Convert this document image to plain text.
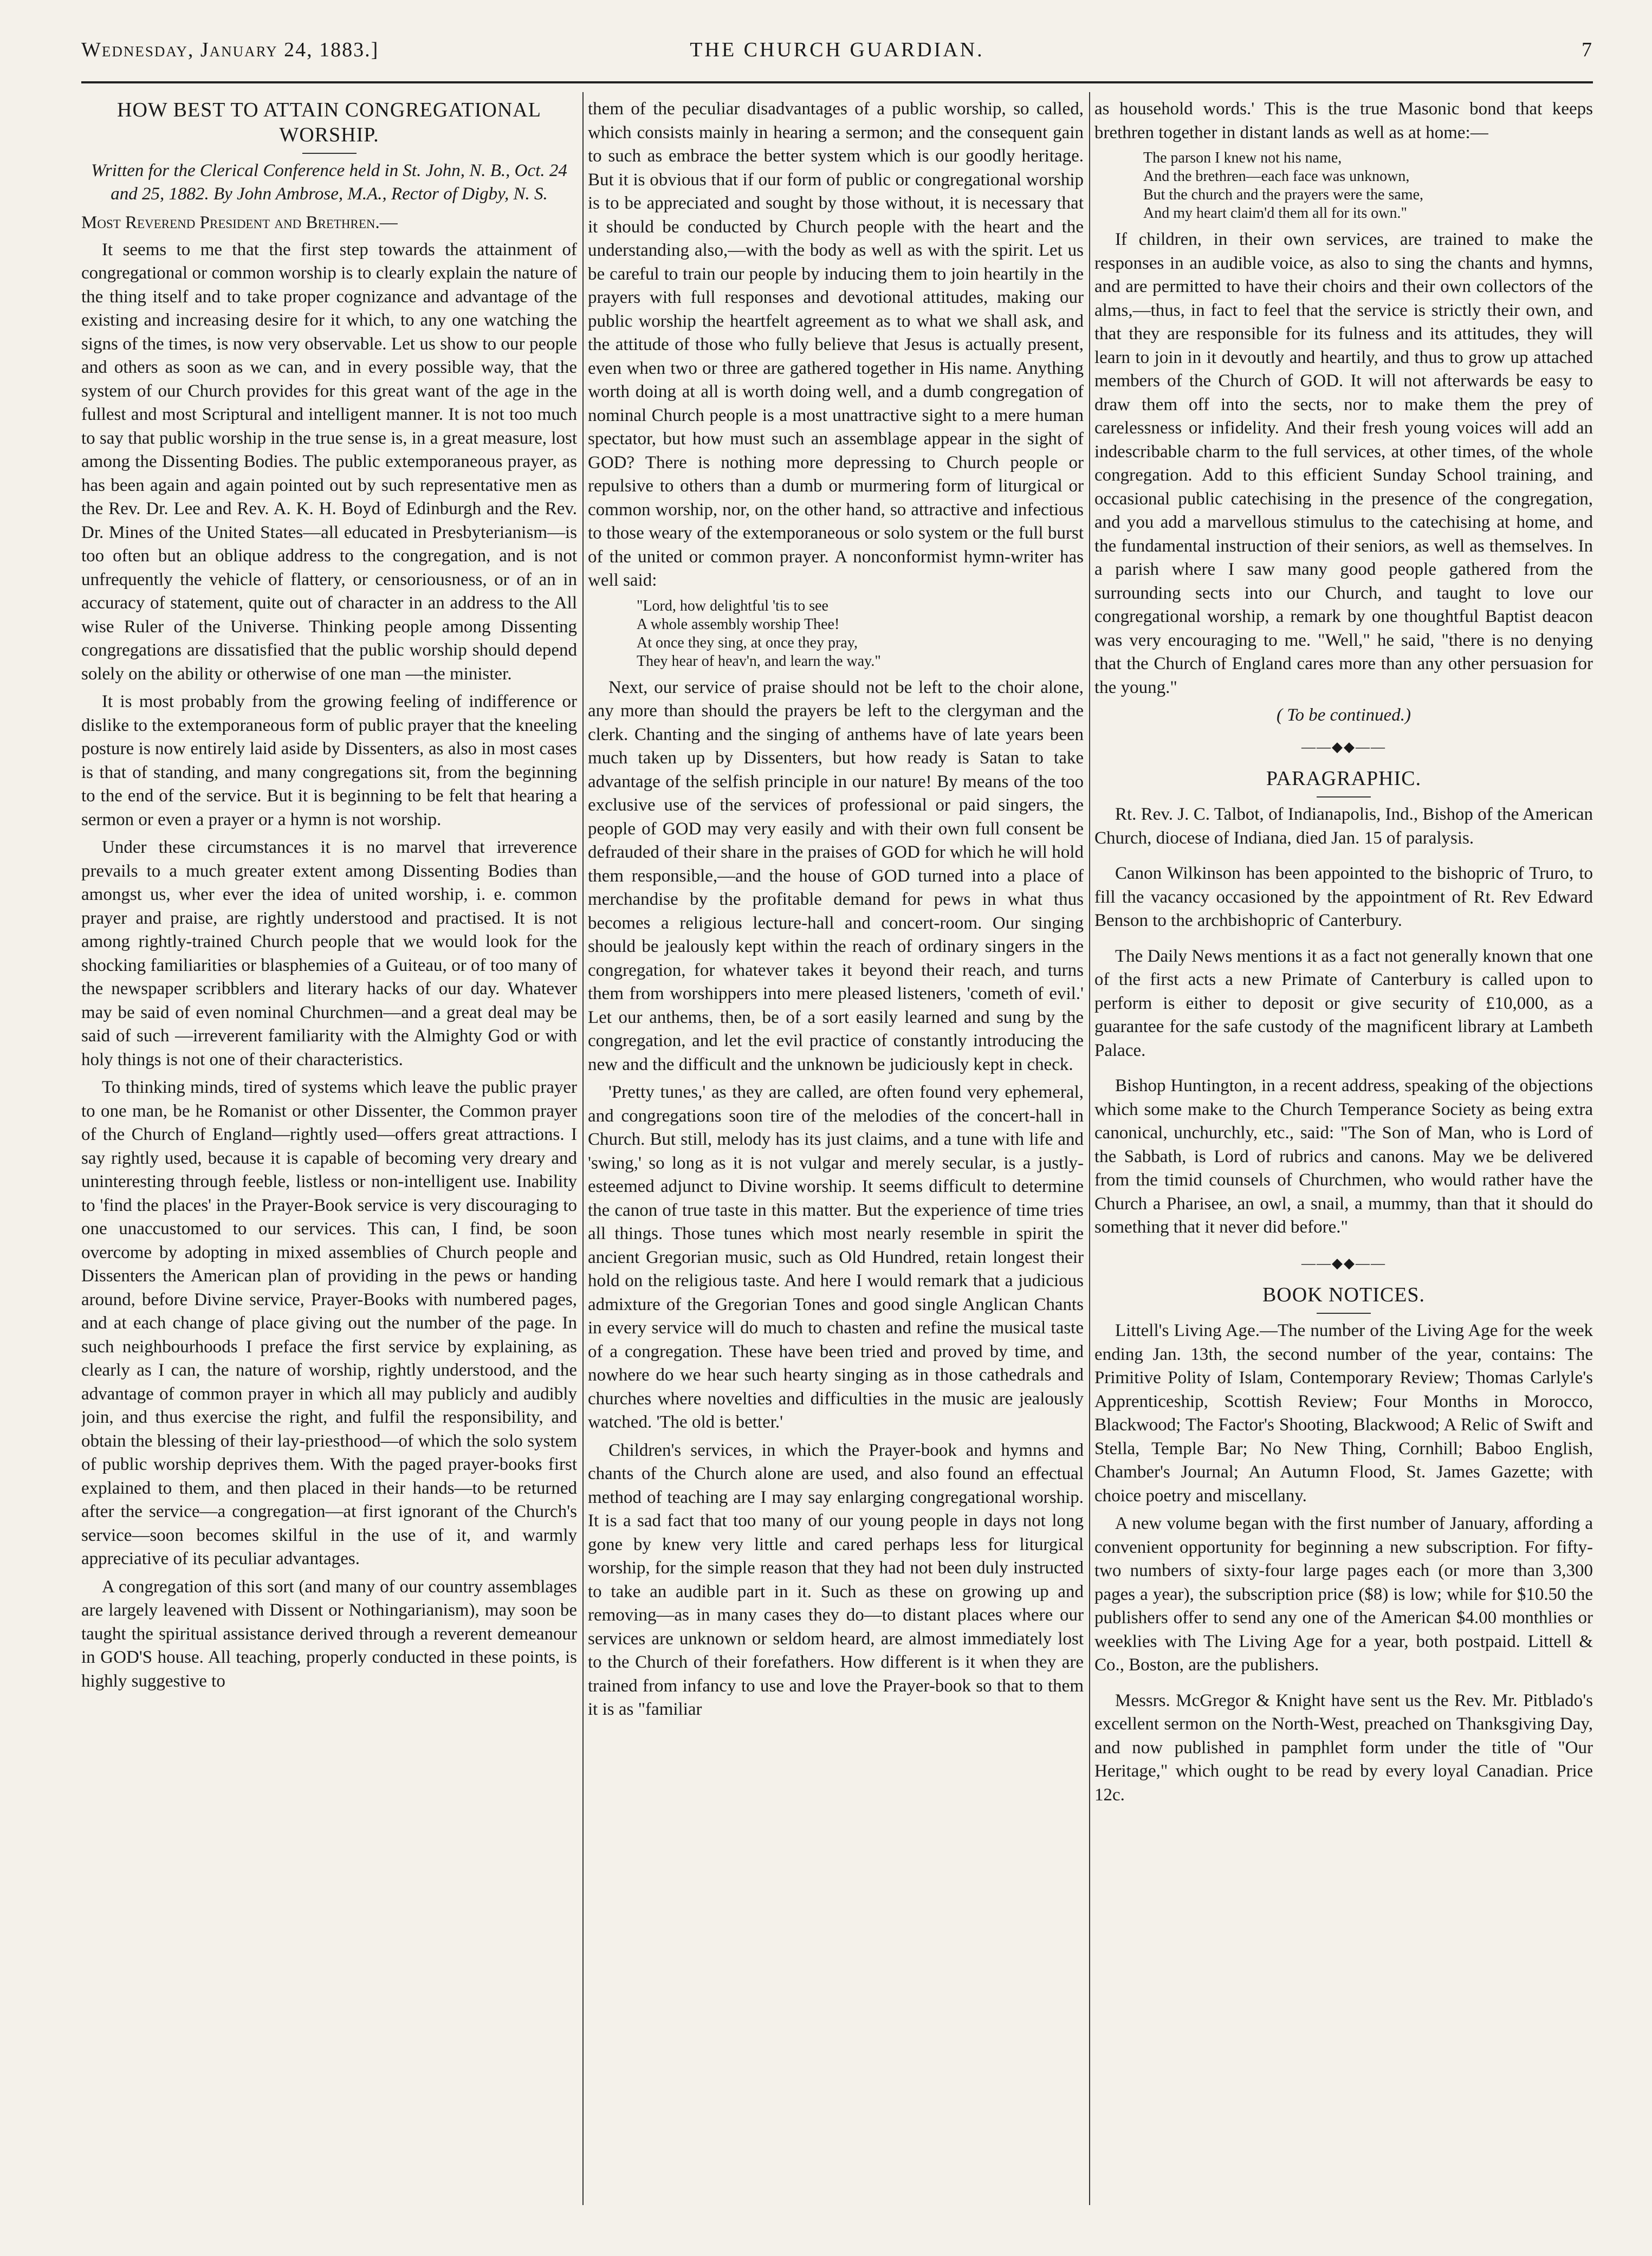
Wednesday, January 24, 1883.]	THE CHURCH GUARDIAN.	7
HOW BEST TO ATTAIN CONGREGATIONAL WORSHIP.
Written for the Clerical Conference held in St. John, N. B., Oct. 24 and 25, 1882. By John Ambrose, M.A., Rector of Digby, N. S.
Most Reverend President and Brethren.—

It seems to me that the first step towards the attainment of congregational or common worship is to clearly explain the nature of the thing itself and to take proper cognizance and advantage of the existing and increasing desire for it which, to any one watching the signs of the times, is now very observable. Let us show to our people and others as soon as we can, and in every possible way, that the system of our Church provides for this great want of the age in the fullest and most Scriptural and intelligent manner. It is not too much to say that public worship in the true sense is, in a great measure, lost among the Dissenting Bodies. The public extemporaneous prayer, as has been again and again pointed out by such representative men as the Rev. Dr. Lee and Rev. A. K. H. Boyd of Edinburgh and the Rev. Dr. Mines of the United States—all educated in Presbyterianism—is too often but an oblique address to the congregation, and is not unfrequently the vehicle of flattery, or censoriousness, or of an in accuracy of statement, quite out of character in an address to the All wise Ruler of the Universe. Thinking people among Dissenting congregations are dissatisfied that the public worship should depend solely on the ability or otherwise of one man —the minister.

It is most probably from the growing feeling of indifference or dislike to the extemporaneous form of public prayer that the kneeling posture is now entirely laid aside by Dissenters, as also in most cases is that of standing, and many congregations sit, from the beginning to the end of the service. But it is beginning to be felt that hearing a sermon or even a prayer or a hymn is not worship.

Under these circumstances it is no marvel that irreverence prevails to a much greater extent among Dissenting Bodies than amongst us, wher ever the idea of united worship, i. e. common prayer and praise, are rightly understood and practised. It is not among rightly-trained Church people that we would look for the shocking familiarities or blasphemies of a Guiteau, or of too many of the newspaper scribblers and literary hacks of our day. Whatever may be said of even nominal Churchmen—and a great deal may be said of such —irreverent familiarity with the Almighty God or with holy things is not one of their characteristics.

To thinking minds, tired of systems which leave the public prayer to one man, be he Romanist or other Dissenter, the Common prayer of the Church of England—rightly used—offers great attractions. I say rightly used, because it is capable of becoming very dreary and uninteresting through feeble, listless or non-intelligent use. Inability to 'find the places' in the Prayer-Book service is very discouraging to one unaccustomed to our services. This can, I find, be soon overcome by adopting in mixed assemblies of Church people and Dissenters the American plan of providing in the pews or handing around, before Divine service, Prayer-Books with numbered pages, and at each change of place giving out the number of the page. In such neighbourhoods I preface the first service by explaining, as clearly as I can, the nature of worship, rightly understood, and the advantage of common prayer in which all may publicly and audibly join, and thus exercise the right, and fulfil the responsibility, and obtain the blessing of their lay-priesthood—of which the solo system of public worship deprives them. With the paged prayer-books first explained to them, and then placed in their hands—to be returned after the service—a congregation—at first ignorant of the Church's service—soon becomes skilful in the use of it, and warmly appreciative of its peculiar advantages.

A congregation of this sort (and many of our country assemblages are largely leavened with Dissent or Nothingarianism), may soon be taught the spiritual assistance derived through a reverent demeanour in GOD'S house. All teaching, properly conducted in these points, is highly suggestive to

them of the peculiar disadvantages of a public worship, so called, which consists mainly in hearing a sermon; and the consequent gain to such as embrace the better system which is our goodly heritage. But it is obvious that if our form of public or congregational worship is to be appreciated and sought by those without, it is necessary that it should be conducted by Church people with the heart and the understanding also,—with the body as well as with the spirit. Let us be careful to train our people by inducing them to join heartily in the prayers with full responses and devotional attitudes, making our public worship the heartfelt agreement as to what we shall ask, and the attitude of those who fully believe that Jesus is actually present, even when two or three are gathered together in His name. Anything worth doing at all is worth doing well, and a dumb congregation of nominal Church people is a most unattractive sight to a mere human spectator, but how must such an assemblage appear in the sight of GOD? There is nothing more depressing to Church people or repulsive to others than a dumb or murmering form of liturgical or common worship, nor, on the other hand, so attractive and infectious to those weary of the extemporaneous or solo system or the full burst of the united or common prayer. A nonconformist hymn-writer has well said:

"Lord, how delightful 'tis to see
A whole assembly worship Thee!
At once they sing, at once they pray,
They hear of heav'n, and learn the way."

Next, our service of praise should not be left to the choir alone, any more than should the prayers be left to the clergyman and the clerk. Chanting and the singing of anthems have of late years been much taken up by Dissenters, but how ready is Satan to take advantage of the selfish principle in our nature! By means of the too exclusive use of the services of professional or paid singers, the people of GOD may very easily and with their own full consent be defrauded of their share in the praises of GOD for which he will hold them responsible,—and the house of GOD turned into a place of merchandise by the profitable demand for pews in what thus becomes a religious lecture-hall and concert-room. Our singing should be jealously kept within the reach of ordinary singers in the congregation, for whatever takes it beyond their reach, and turns them from worshippers into mere pleased listeners, 'cometh of evil.' Let our anthems, then, be of a sort easily learned and sung by the congregation, and let the evil practice of constantly introducing the new and the difficult and the unknown be judiciously kept in check.

'Pretty tunes,' as they are called, are often found very ephemeral, and congregations soon tire of the melodies of the concert-hall in Church. But still, melody has its just claims, and a tune with life and 'swing,' so long as it is not vulgar and merely secular, is a justly-esteemed adjunct to Divine worship. It seems difficult to determine the canon of true taste in this matter. But the experience of time tries all things. Those tunes which most nearly resemble in spirit the ancient Gregorian music, such as Old Hundred, retain longest their hold on the religious taste. And here I would remark that a judicious admixture of the Gregorian Tones and good single Anglican Chants in every service will do much to chasten and refine the musical taste of a congregation. These have been tried and proved by time, and nowhere do we hear such hearty singing as in those cathedrals and churches where novelties and difficulties in the music are jealously watched. 'The old is better.'

Children's services, in which the Prayer-book and hymns and chants of the Church alone are used, and also found an effectual method of teaching are I may say enlarging congregational worship. It is a sad fact that too many of our young people in days not long gone by knew very little and cared perhaps less for liturgical worship, for the simple reason that they had not been duly instructed to take an audible part in it. Such as these on growing up and removing—as in many cases they do—to distant places where our services are unknown or seldom heard, are almost immediately lost to the Church of their forefathers. How different is it when they are trained from infancy to use and love the Prayer-book so that to them it is as "familiar

as household words.' This is the true Masonic bond that keeps brethren together in distant lands as well as at home:—

The parson I knew not his name,
And the brethren—each face was unknown,
But the church and the prayers were the same,
And my heart claim'd them all for its own."

If children, in their own services, are trained to make the responses in an audible voice, as also to sing the chants and hymns, and are permitted to have their choirs and their own collectors of the alms,—thus, in fact to feel that the service is strictly their own, and that they are responsible for its fulness and its attitudes, they will learn to join in it devoutly and heartily, and thus to grow up attached members of the Church of GOD. It will not afterwards be easy to draw them off into the sects, nor to make them the prey of carelessness or infidelity. And their fresh young voices will add an indescribable charm to the full services, at other times, of the whole congregation. Add to this efficient Sunday School training, and occasional public catechising in the presence of the congregation, and you add a marvellous stimulus to the catechising at home, and the fundamental instruction of their seniors, as well as themselves. In a parish where I saw many good people gathered from the surrounding sects into our Church, and taught to love our congregational worship, a remark by one thoughtful Baptist deacon was very encouraging to me. "Well," he said, "there is no denying that the Church of England cares more than any other persuasion for the young."

( To be continued.)
——◆◆——
PARAGRAPHIC.

Rt. Rev. J. C. Talbot, of Indianapolis, Ind., Bishop of the American Church, diocese of Indiana, died Jan. 15 of paralysis.

Canon Wilkinson has been appointed to the bishopric of Truro, to fill the vacancy occasioned by the appointment of Rt. Rev Edward Benson to the archbishopric of Canterbury.

The Daily News mentions it as a fact not generally known that one of the first acts a new Primate of Canterbury is called upon to perform is either to deposit or give security of £10,000, as a guarantee for the safe custody of the magnificent library at Lambeth Palace.

Bishop Huntington, in a recent address, speaking of the objections which some make to the Church Temperance Society as being extra canonical, unchurchly, etc., said: "The Son of Man, who is Lord of the Sabbath, is Lord of rubrics and canons. May we be delivered from the timid counsels of Churchmen, who would rather have the Church a Pharisee, an owl, a snail, a mummy, than that it should do something that it never did before."

——◆◆——
BOOK NOTICES.

Littell's Living Age.—The number of the Living Age for the week ending Jan. 13th, the second number of the year, contains: The Primitive Polity of Islam, Contemporary Review; Thomas Carlyle's Apprenticeship, Scottish Review; Four Months in Morocco, Blackwood; The Factor's Shooting, Blackwood; A Relic of Swift and Stella, Temple Bar; No New Thing, Cornhill; Baboo English, Chamber's Journal; An Autumn Flood, St. James Gazette; with choice poetry and miscellany.

A new volume began with the first number of January, affording a convenient opportunity for beginning a new subscription. For fifty-two numbers of sixty-four large pages each (or more than 3,300 pages a year), the subscription price ($8) is low; while for $10.50 the publishers offer to send any one of the American $4.00 monthlies or weeklies with The Living Age for a year, both postpaid. Littell & Co., Boston, are the publishers.

Messrs. McGregor & Knight have sent us the Rev. Mr. Pitblado's excellent sermon on the North-West, preached on Thanksgiving Day, and now published in pamphlet form under the title of "Our Heritage," which ought to be read by every loyal Canadian. Price 12c.
